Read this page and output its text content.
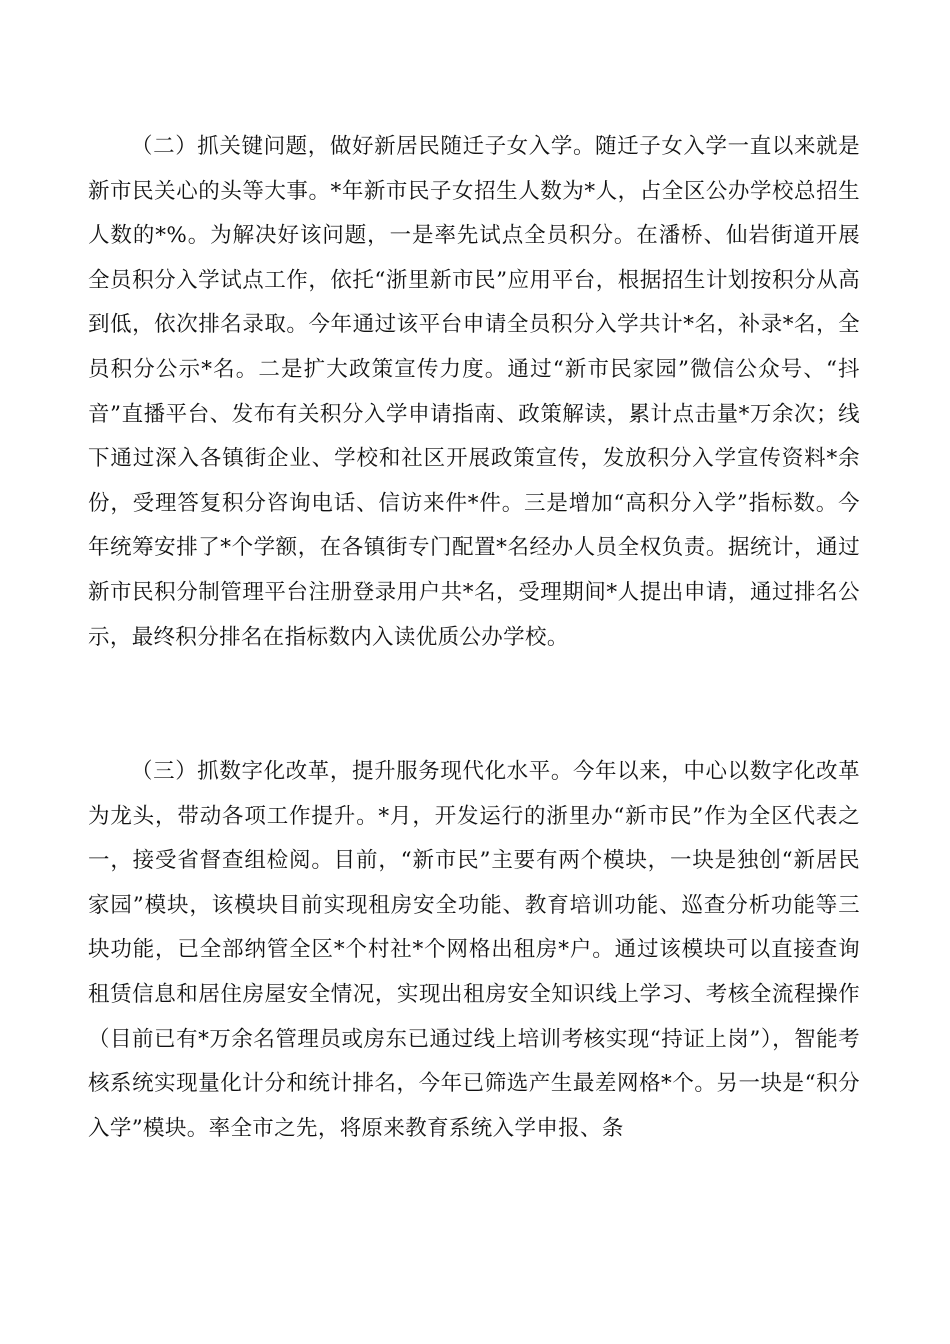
（二）抓关键问题，做好新居民随迁子女入学。随迁子女入学一直以来就是新市民关心的头等大事。*年新市民子女招生人数为*人，占全区公办学校总招生人数的*%。为解决好该问题，一是率先试点全员积分。在潘桥、仙岩街道开展全员积分入学试点工作，依托“浙里新市民”应用平台，根据招生计划按积分从高到低，依次排名录取。今年通过该平台申请全员积分入学共计*名，补录*名，全员积分公示*名。二是扩大政策宣传力度。通过“新市民家园”微信公众号、“抖音”直播平台、发布有关积分入学申请指南、政策解读，累计点击量*万余次；线下通过深入各镇街企业、学校和社区开展政策宣传，发放积分入学宣传资料*余份，受理答复积分咨询电话、信访来件*件。三是增加“高积分入学”指标数。今年统筹安排了*个学额，在各镇街专门配置*名经办人员全权负责。据统计，通过新市民积分制管理平台注册登录用户共*名，受理期间*人提出申请，通过排名公示，最终积分排名在指标数内入读优质公办学校。

（三）抓数字化改革，提升服务现代化水平。今年以来，中心以数字化改革为龙头，带动各项工作提升。*月，开发运行的浙里办“新市民”作为全区代表之一，接受省督查组检阅。目前，“新市民”主要有两个模块，一块是独创“新居民家园”模块，该模块目前实现租房安全功能、教育培训功能、巡查分析功能等三块功能，已全部纳管全区*个村社*个网格出租房*户。通过该模块可以直接查询租赁信息和居住房屋安全情况，实现出租房安全知识线上学习、考核全流程操作（目前已有*万余名管理员或房东已通过线上培训考核实现“持证上岗”），智能考核系统实现量化计分和统计排名，今年已筛选产生最差网格*个。另一块是“积分入学”模块。率全市之先，将原来教育系统入学申报、条
